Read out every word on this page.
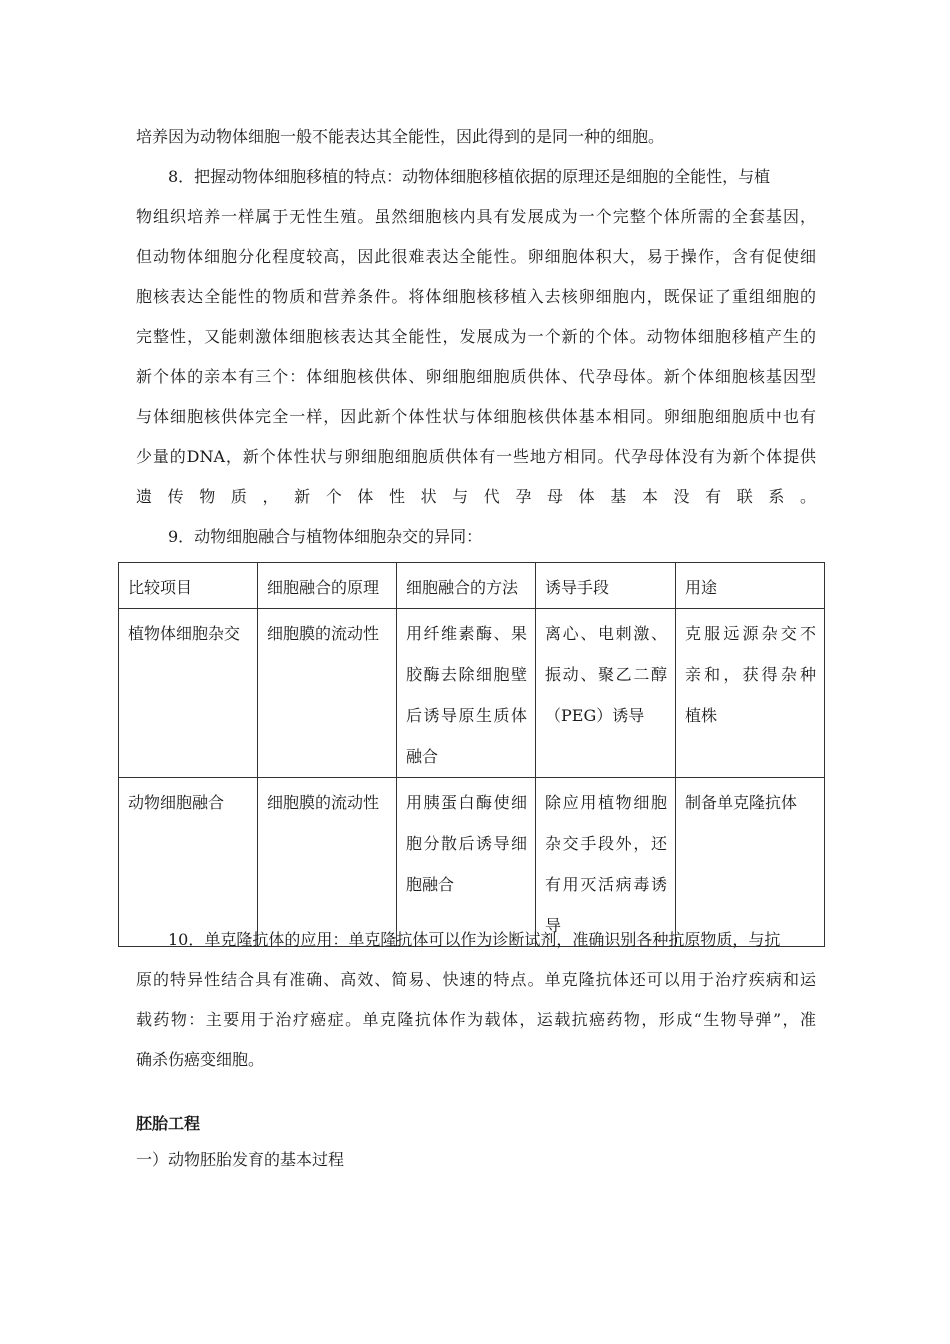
培养因为动物体细胞一般不能表达其全能性，因此得到的是同一种的细胞。
8．把握动物体细胞移植的特点：动物体细胞移植依据的原理还是细胞的全能性，与植
物组织培养一样属于无性生殖。虽然细胞核内具有发展成为一个完整个体所需的全套基因，
但动物体细胞分化程度较高，因此很难表达全能性。卵细胞体积大，易于操作，含有促使细
胞核表达全能性的物质和营养条件。将体细胞核移植入去核卵细胞内，既保证了重组细胞的
完整性，又能刺激体细胞核表达其全能性，发展成为一个新的个体。动物体细胞移植产生的
新个体的亲本有三个：体细胞核供体、卵细胞细胞质供体、代孕母体。新个体细胞核基因型
与体细胞核供体完全一样，因此新个体性状与体细胞核供体基本相同。卵细胞细胞质中也有
少量的DNA，新个体性状与卵细胞细胞质供体有一些地方相同。代孕母体没有为新个体提供
遗传物质，新个体性状与代孕母体基本没有联系。
9．动物细胞融合与植物体细胞杂交的异同：
比较项目	细胞融合的原理	细胞融合的方法	诱导手段	用途

植物体细胞杂交	细胞膜的流动性	用纤维素酶、果
胶酶去除细胞壁
后诱导原生质体
融合	离心、电刺激、
振动、聚乙二醇
（PEG）诱导	克服远源杂交不
亲和，获得杂种
植株

动物细胞融合	细胞膜的流动性	用胰蛋白酶使细
胞分散后诱导细
胞融合	除应用植物细胞
杂交手段外，还
有用灭活病毒诱
导	制备单克隆抗体
10．单克隆抗体的应用：单克隆抗体可以作为诊断试剂，准确识别各种抗原物质，与抗
原的特异性结合具有准确、高效、简易、快速的特点。单克隆抗体还可以用于治疗疾病和运
载药物：主要用于治疗癌症。单克隆抗体作为载体，运载抗癌药物，形成“生物导弹”，准
确杀伤癌变细胞。
胚胎工程
一）动物胚胎发育的基本过程
